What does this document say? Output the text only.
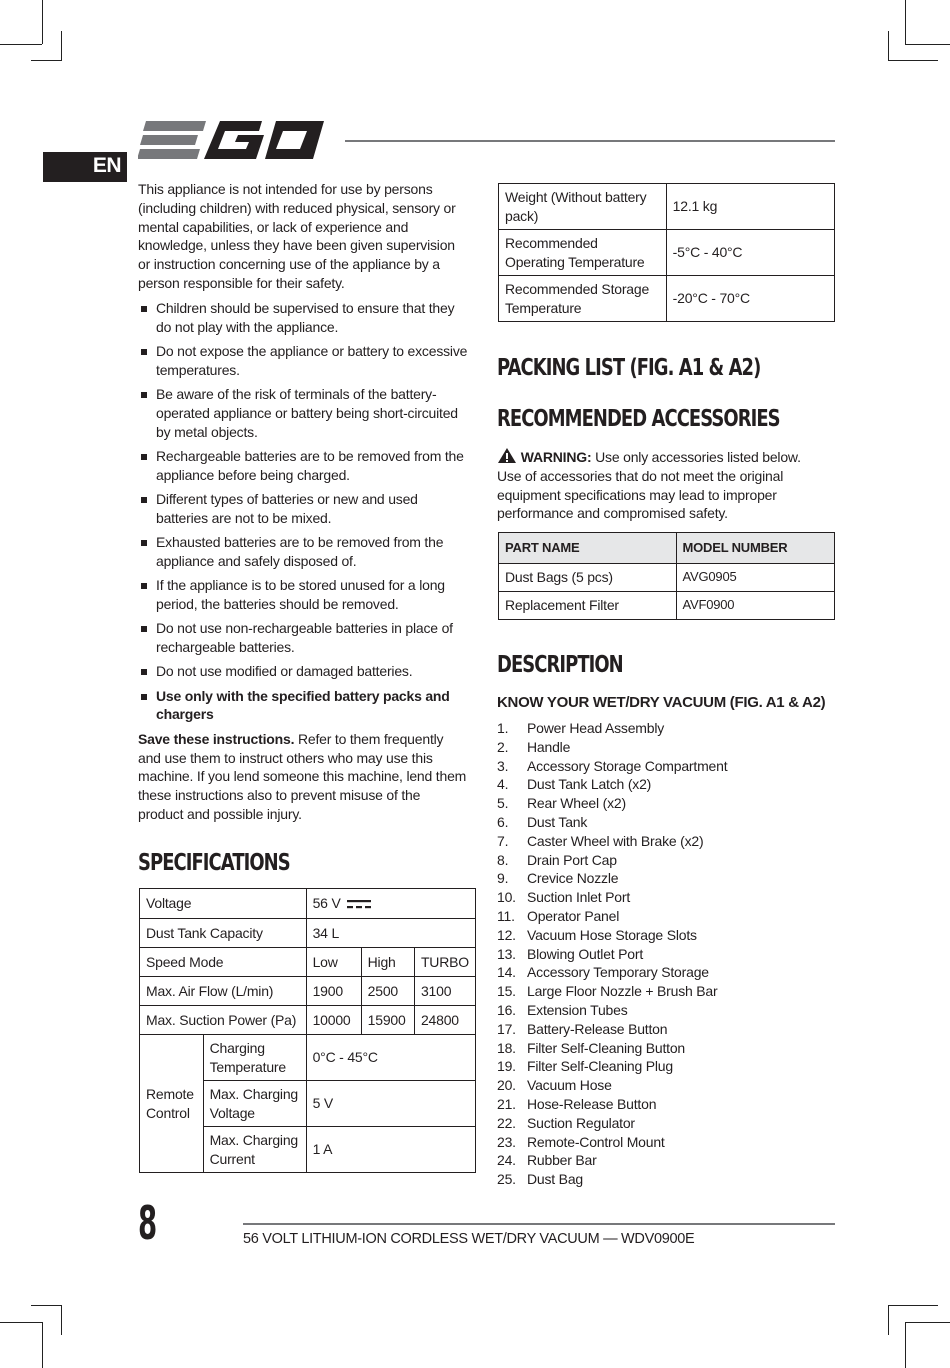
EN

This appliance is not intended for use by persons (including children) with reduced physical, sensory or mental capabilities, or lack of experience and knowledge, unless they have been given supervision or instruction concerning use of the appliance by a person responsible for their safety.

Children should be supervised to ensure that they do not play with the appliance.
Do not expose the appliance or battery to excessive temperatures.
Be aware of the risk of terminals of the battery-operated appliance or battery being short-circuited by metal objects.
Rechargeable batteries are to be removed from the appliance before being charged.
Different types of batteries or new and used batteries are not to be mixed.
Exhausted batteries are to be removed from the appliance and safely disposed of.
If the appliance is to be stored unused for a long period, the batteries should be removed.
Do not use non-rechargeable batteries in place of rechargeable batteries.
Do not use modified or damaged batteries.
Use only with the specified battery packs and chargers

Save these instructions. Refer to them frequently and use them to instruct others who may use this machine. If you lend someone this machine, lend them these instructions also to prevent misuse of the product and possible injury.

SPECIFICATIONS
Voltage		56 V		
Dust Tank Capacity		34 L		
Speed Mode		Low	High	TURBO
Max. Air Flow (L/min)		1900	2500	3100
Max. Suction Power (Pa)		10000	15900	24800
Remote Control	Charging Temperature	0°C - 45°C		
	Max. Charging Voltage	5 V		
	Max. Charging Current	1 A		
Weight (Without battery pack)	12.1 kg
Recommended Operating Temperature	-5°C - 40°C
Recommended Storage Temperature	-20°C - 70°C
PACKING LIST (FIG. A1 & A2)
RECOMMENDED ACCESSORIES
WARNING: Use only accessories listed below. Use of accessories that do not meet the original equipment specifications may lead to improper performance and compromised safety.
PART NAME	MODEL NUMBER
Dust Bags (5 pcs)	AVG0905
Replacement Filter	AVF0900
DESCRIPTION
KNOW YOUR WET/DRY VACUUM (FIG. A1 & A2)
1. Power Head Assembly
2. Handle
3. Accessory Storage Compartment
4. Dust Tank Latch (x2)
5. Rear Wheel (x2)
6. Dust Tank
7. Caster Wheel with Brake (x2)
8. Drain Port Cap
9. Crevice Nozzle
10. Suction Inlet Port
11. Operator Panel
12. Vacuum Hose Storage Slots
13. Blowing Outlet Port
14. Accessory Temporary Storage
15. Large Floor Nozzle + Brush Bar
16. Extension Tubes
17. Battery-Release Button
18. Filter Self-Cleaning Button
19. Filter Self-Cleaning Plug
20. Vacuum Hose
21. Hose-Release Button
22. Suction Regulator
23. Remote-Control Mount
24. Rubber Bar
25. Dust Bag
8	56 VOLT LITHIUM-ION CORDLESS WET/DRY VACUUM — WDV0900E
